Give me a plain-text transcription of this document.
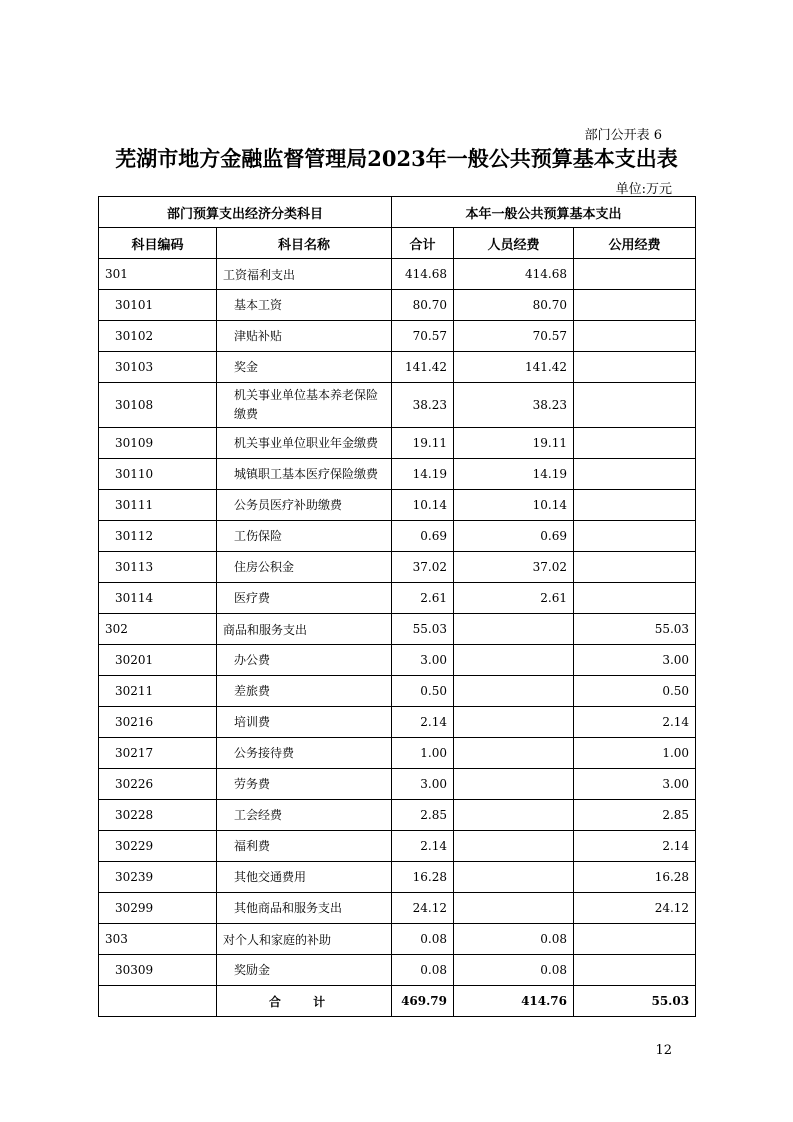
部门公开表 6
芜湖市地方金融监督管理局2023年一般公共预算基本支出表
单位:万元
部门预算支出经济分类科目		本年一般公共预算基本支出		
科目编码	科目名称	合计	人员经费	公用经费
301	工资福利支出	414.68	414.68	
30101	基本工资	80.70	80.70	
30102	津贴补贴	70.57	70.57	
30103	奖金	141.42	141.42	
30108	机关事业单位基本养老保险缴费	38.23	38.23	
30109	机关事业单位职业年金缴费	19.11	19.11	
30110	城镇职工基本医疗保险缴费	14.19	14.19	
30111	公务员医疗补助缴费	10.14	10.14	
30112	工伤保险	0.69	0.69	
30113	住房公积金	37.02	37.02	
30114	医疗费	2.61	2.61	
302	商品和服务支出	55.03		55.03
30201	办公费	3.00		3.00
30211	差旅费	0.50		0.50
30216	培训费	2.14		2.14
30217	公务接待费	1.00		1.00
30226	劳务费	3.00		3.00
30228	工会经费	2.85		2.85
30229	福利费	2.14		2.14
30239	其他交通费用	16.28		16.28
30299	其他商品和服务支出	24.12		24.12
303	对个人和家庭的补助	0.08	0.08	
30309	奖励金	0.08	0.08	
	合 计	469.79	414.76	55.03
12
